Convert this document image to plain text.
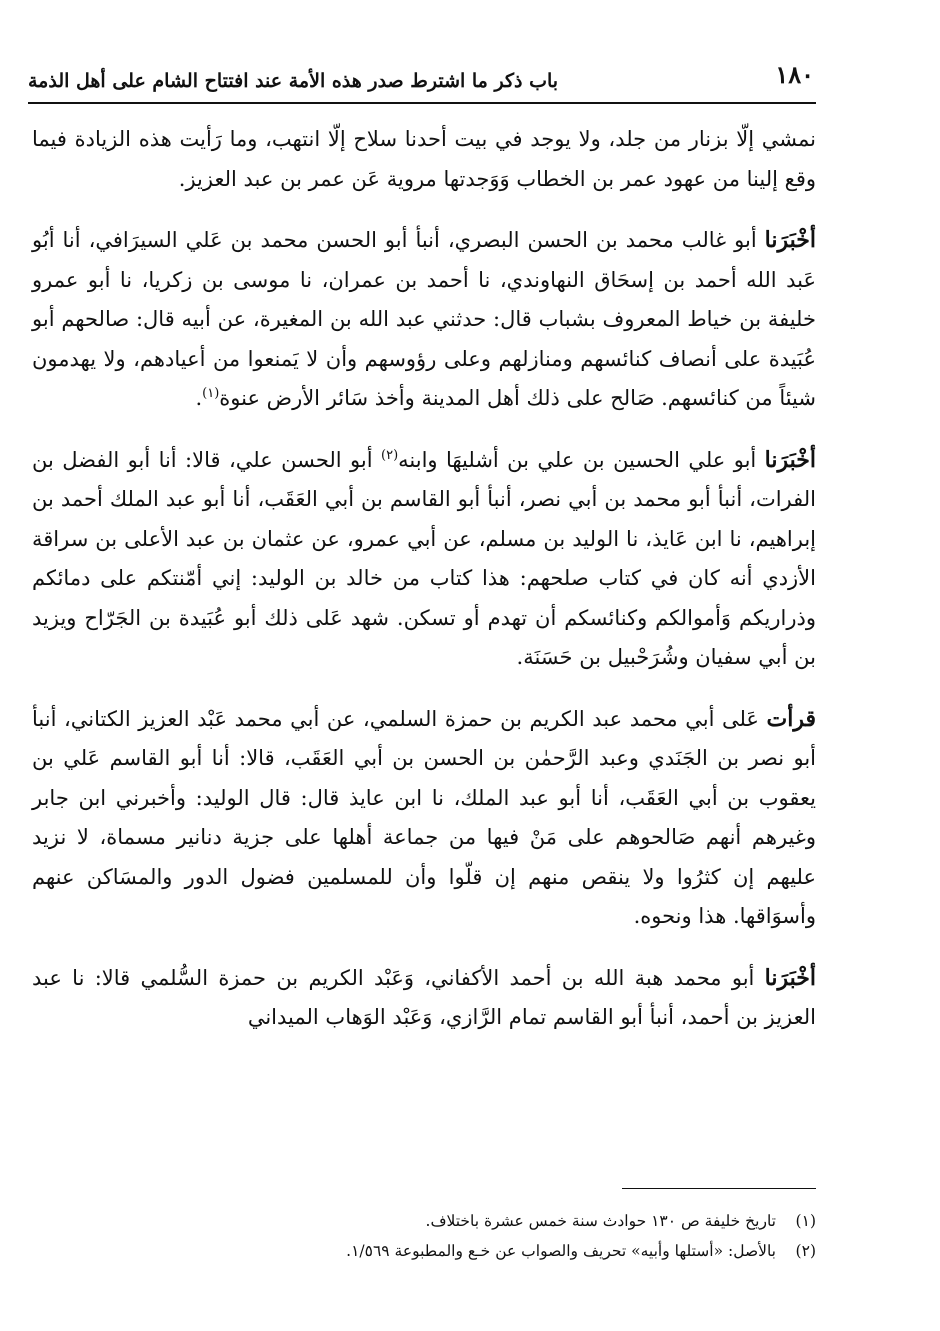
١٨٠
باب ذكر ما اشترط صدر هذه الأمة عند افتتاح الشام على أهل الذمة

نمشي إلّا بزنار من جلد، ولا يوجد في بيت أحدنا سلاح إلّا انتهب، وما رَأيت هذه الزيادة فيما وقع إلينا من عهود عمر بن الخطاب وَوَجدتها مروية عَن عمر بن عبد العزيز.

أخْبَرَنا أبو غالب محمد بن الحسن البصري، أنبأ أبو الحسن محمد بن عَلي السيرَافي، أنا أبُو عَبد الله أحمد بن إسحَاق النهاوندي، نا أحمد بن عمران، نا موسى بن زكريا، نا أبو عمرو خليفة بن خياط المعروف بشباب قال: حدثني عبد الله بن المغيرة، عن أبيه قال: صالحهم أبو عُبَيدة على أنصاف كنائسهم ومنازلهم وعلى رؤوسهم وأن لا يَمنعوا من أعيادهم، ولا يهدمون شيئاً من كنائسهم. صَالح على ذلك أهل المدينة وأخذ سَائر الأرض عنوة$^{(١)}$.

أخْبَرَنا أبو علي الحسين بن علي بن أشليهَا وابنه$^{(٢)}$ أبو الحسن علي، قالا: أنا أبو الفضل بن الفرات، أنبأ أبو محمد بن أبي نصر، أنبأ أبو القاسم بن أبي العَقَب، أنا أبو عبد الملك أحمد بن إبراهيم، نا ابن عَايذ، نا الوليد بن مسلم، عن أبي عمرو، عن عثمان بن عبد الأعلى بن سراقة الأزدي أنه كان في كتاب صلحهم: هذا كتاب من خالد بن الوليد: إني أمّنتكم على دمائكم وذراريكم وَأموالكم وكنائسكم أن تهدم أو تسكن. شهد عَلى ذلك أبو عُبَيدة بن الجَرّاح ويزيد بن أبي سفيان وشُرَحْبيل بن حَسَنَة.

قرأت عَلى أبي محمد عبد الكريم بن حمزة السلمي، عن أبي محمد عَبْد العزيز الكتاني، أنبأ أبو نصر بن الجَنَدي وعبد الرَّحمٰن بن الحسن بن أبي العَقَب، قالا: أنا أبو القاسم عَلي بن يعقوب بن أبي العَقَب، أنا أبو عبد الملك، نا ابن عايذ قال: قال الوليد: وأخبرني ابن جابر وغيرهم أنهم صَالحوهم على مَنْ فيها من جماعة أهلها على جزية دنانير مسماة، لا نزيد عليهم إن كثرُوا ولا ينقص منهم إن قلّوا وأن للمسلمين فضول الدور والمسَاكن عنهم وأسوَاقها. هذا ونحوه.

أخْبَرَنا أبو محمد هبة الله بن أحمد الأكفاني، وَعَبْد الكريم بن حمزة السُّلمي قالا: نا عبد العزيز بن أحمد، أنبأ أبو القاسم تمام الرَّازي، وَعَبْد الوَهاب الميداني

(١)تاريخ خليفة ص ١٣٠ حوادث سنة خمس عشرة باختلاف.
(٢)بالأصل: «أستلها وأبيه» تحريف والصواب عن خـع والمطبوعة ١/٥٦٩.
